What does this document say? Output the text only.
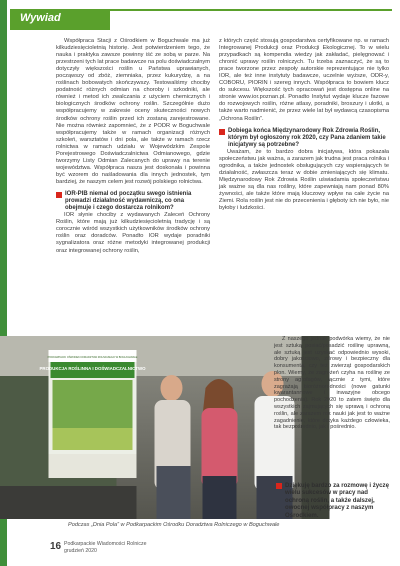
Wywiad

Współpraca Stacji z Ośrodkiem w Boguchwale ma już kilkudziesięcioletnią historię. Jest potwierdzeniem tego, że nauka i praktyka zawsze powinny iść ze sobą w parze. Na przestrzeni tych lat prace badawcze na polu doświadczalnym dotyczyły większości roślin u Państwa uprawianych, począwszy od zbóż, ziemniaka, przez kukurydzę, a na roślinach bobowatych skończywszy. Testowaliśmy chociby podatność różnych odmian na choroby i szkodniki, ale również i metod ich zwalczania z użyciem chemicznych i biologicznych środków ochrony roślin. Szczególnie dużo współpracujemy w zakresie oceny skuteczności nowych środków ochrony roślin przed ich zostaną zarejestrowane. Nie można również zapomnieć, że z PODR w Boguchwale współpracujemy także w ramach organizacji różnych szkoleń, warsztatów i dni pola, ale także w ramach rzecz rolnictwa w ramach udziału w Wojewódzkim Zespole Porejestrowego Doświadczalnictwa Odmianowego, gdzie tworzymy Listy Odmian Zalecanych do uprawy na terenie województwa. Współpraca nasza jest doskonała i powinna być wzorem do naśladowania dla innych jednostek, tym bardziej, że naszym celem jest rozwój polskiego rolnictwa.

IOR-PIB niemal od początku swego istnienia prowadzi działalność wydawniczą, co ona obejmuje i czego dostarcza rolnikom?

IOR słynie chociby z wydawanych Zaleceń Ochrony Roślin, które mają już kilkudziesięcioletnią tradycję i są corocznie wśród wszystkich użytkowników środków ochrony roślin oraz doradców. Ponadto IOR wydaje poradniki sygnalizatora oraz różne metodyki integrowanej produkcji oraz integrowanej ochrony roślin,

z których część stosują gospodarstwa certyfikowane np. w ramach Integrowanej Produkcji oraz Produkcji Ekologicznej. To w wielu przypadkach są kompendia wiedzy jak zakładać, pielęgnować i chronić uprawy roślin rolniczych. Tu trzeba zaznaczyć, że są to prace tworzone przez zespoły autorskie reprezentujące nie tylko IOR, ale też inne instytuty badawcze, uczelnie wyższe, ODR-y, COBORU, PIORIN i szereg innych. Współpraca to bowiem klucz do sukcesu. Większość tych opracowań jest dostępna online na stronie www.ior.poznan.pl. Ponadto Instytut wydaje klucze fazowe do rozwojowych roślin, różne atlasy, poradniki, broszury i ulotki, a także warto nadmienić, że przez wiele lat był wydawcą czasopisma „Ochrona Roślin”.

Dobiega końca Międzynarodowy Rok Zdrowia Roślin, którym był ogłoszony rok 2020, czy Pana zdaniem takie inicjatywy są potrzebne?

Uważam, że to bardzo dobra inicjatywa, która pokazała społeczeństwu jak ważna, a zarazem jak trudna jest praca rolnika i ogrodnika, a także jednostek obsługujących czy wspierających te działalność, zwłaszcza teraz w dobie zmieniających się klimatu. Międzynarodowy Rok Zdrowia Roślin uświadamia społeczeństwu jak ważne są dla nas rośliny, które zapewniają nam ponad 80% żywności, ale także które mają kluczowy wpływ na całe życie na Ziemi. Rola roślin jest nie do przecenienia i głęboty ich nie było, nie byłoby i ludzkości.

PRODUKCJA ROŚLINNA I DOŚWIADCZALNICTWO
PODKARPACKI OŚRODEK DORADZTWA ROLNICZEGO W BOGUCHWALE
Podczas „Dnia Pola” w Podkarpackim Ośrodku Doradztwa Rolniczego w Boguchwale

Z naszego jednak podwórka wiemy, że nie jest sztuką posiać/posadzić roślinę uprawną, ale sztuką jest uzyskać odpowiednio wysoki, dobry jakościowo, zdrowy i bezpieczny dla konsumenta, czy też zwierząt gospodarskich plon. Wiemy, że zagrożeń czyha na roślinę ze strony agrofagów, łącznie z tymi, które zagrażają bioróżnorodności (nowe gatunki kwarantannowe i inwazyjne obcego pochodzenia). Rok 2020 to zatem święto dla wszystkich zajmujących się uprawą i ochroną roślin, ale zarazem rok nauki jak jest to ważne zagadnienie, które dotyka każdego człowieka, tak bezpośrednio, jak i pośrednio.

Dziękuję bardzo za rozmowę i życzę wielu sukcesów w pracy nad ochroną roślin, a także dalszej, owocnej współpracy z naszym Ośrodkiem.
16 Podkarpackie Wiadomości Rolnicze
grudzień 2020
